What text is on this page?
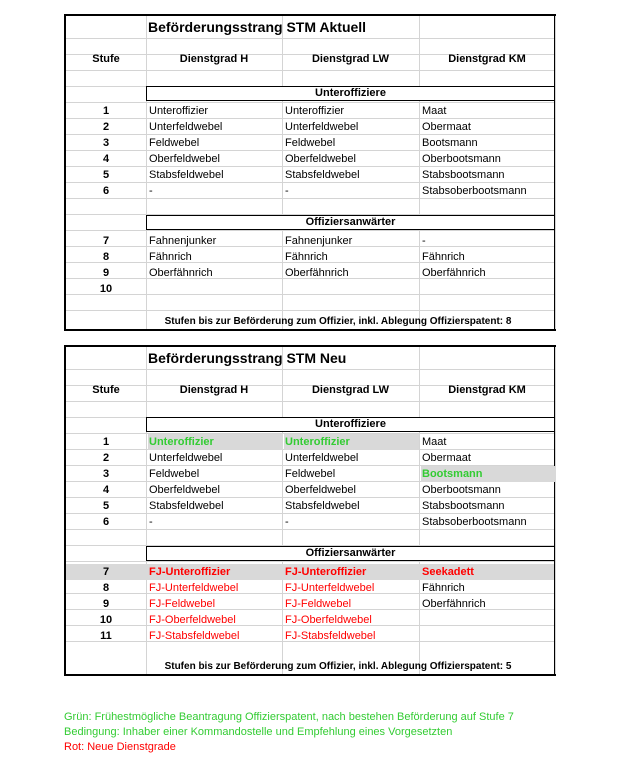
Beförderungsstrang STM Aktuell
Stufe	Dienstgrad H	Dienstgrad LW	Dienstgrad KM
Unteroffiziere
1	Unteroffizier	Unteroffizier	Maat
2	Unterfeldwebel	Unterfeldwebel	Obermaat
3	Feldwebel	Feldwebel	Bootsmann
4	Oberfeldwebel	Oberfeldwebel	Oberbootsmann
5	Stabsfeldwebel	Stabsfeldwebel	Stabsbootsmann
6	-	-	Stabsoberbootsmann
Offiziersanwärter
7	Fahnenjunker	Fahnenjunker	-
8	Fähnrich	Fähnrich	Fähnrich
9	Oberfähnrich	Oberfähnrich	Oberfähnrich
10
Stufen bis zur Beförderung zum Offizier, inkl. Ablegung Offizierspatent: 8
Beförderungsstrang STM Neu
Stufe	Dienstgrad H	Dienstgrad LW	Dienstgrad KM
Unteroffiziere
1	Unteroffizier	Unteroffizier	Maat
2	Unterfeldwebel	Unterfeldwebel	Obermaat
3	Feldwebel	Feldwebel	Bootsmann
4	Oberfeldwebel	Oberfeldwebel	Oberbootsmann
5	Stabsfeldwebel	Stabsfeldwebel	Stabsbootsmann
6	-	-	Stabsoberbootsmann
Offiziersanwärter
7	FJ-Unteroffizier	FJ-Unteroffizier	Seekadett
8	FJ-Unterfeldwebel	FJ-Unterfeldwebel	Fähnrich
9	FJ-Feldwebel	FJ-Feldwebel	Oberfähnrich
10	FJ-Oberfeldwebel	FJ-Oberfeldwebel
11	FJ-Stabsfeldwebel	FJ-Stabsfeldwebel
Stufen bis zur Beförderung zum Offizier, inkl. Ablegung Offizierspatent: 5
Grün: Frühestmögliche Beantragung Offizierspatent, nach bestehen Beförderung auf Stufe 7
Bedingung: Inhaber einer Kommandostelle und Empfehlung eines Vorgesetzten
Rot: Neue Dienstgrade
